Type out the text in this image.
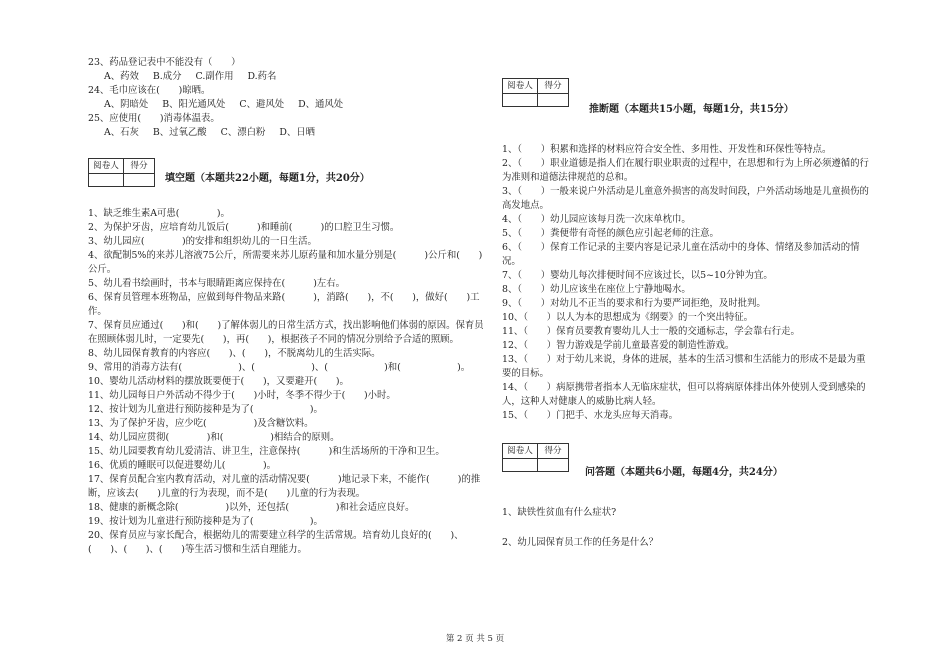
23、药品登记表中不能没有（　　）
A、药效 B.成分 C.副作用 D.药名
24、毛巾应该在(　　)晾晒。
A、阴暗处 B、阳光通风处 C、避风处 D、通风处
25、应使用(　　)消毒体温表。
A、石灰 B、过氧乙酸 C、漂白粉 D、日晒
阅卷人	得分

填空题（本题共22小题，每题1分，共20分）
1、缺乏维生素A可患(　　　　)。
2、为保护牙齿，应培育幼儿饭后(　　　)和睡前(　　　)的口腔卫生习惯。
3、幼儿园应(　　　　)的安排和组织幼儿的一日生活。
4、欲配制5%的来苏儿溶液75公斤，所需要来苏儿原药量和加水量分别是(　　　)公斤和(　　)公斤。
5、幼儿看书绘画时，书本与眼睛距离应保持在(　　　)左右。
6、保育员管理本班物品，应做到每件物品来路(　　　)，消路(　　)，不(　　)，做好(　　)工作。
7、保育员应通过(　　)和(　　)了解体弱儿的日常生活方式，找出影响他们体弱的原因。保育员在照顾体弱儿时，一定要先(　　)，再(　　)，根据孩子不同的情况分别给予合适的照顾。
8、幼儿园保育教育的内容应(　　)、(　　)，不脱离幼儿的生活实际。
9、常用的消毒方法有(　　　　　　)、(　　　　　　)、(　　　　　　)和(　　　　　　)。
10、婴幼儿活动材料的摆放既要便于(　　)，又要避开(　　)。
11、幼儿园每日户外活动不得少于(　　)小时，冬季不得少于(　　)小时。
12、按计划为儿童进行预防接种是为了(　　　　　　)。
13、为了保护牙齿，应少吃(　　　　　)及含糖饮料。
14、幼儿园应贯彻(　　　　)和(　　　　　)相结合的原则。
15、幼儿园要教育幼儿爱清洁、讲卫生，注意保持(　　　)和生活场所的干净和卫生。
16、优质的睡眠可以促进婴幼儿(　　　　)。
17、保育员配合室内教育活动，对儿童的活动情况要(　　　)地记录下来，不能作(　　　)的推断，应该去(　　)儿童的行为表现，而不是(　　)儿童的行为表现。
18、健康的新概念除(　　　　　)以外，还包括(　　　　　)和社会适应良好。
19、按计划为儿童进行预防接种是为了(　　　　　　)。
20、保育员应与家长配合，根据幼儿的需要建立科学的生活常规。培育幼儿良好的(　　)、(　　)、(　　)、(　　)等生活习惯和生活自理能力。
阅卷人	得分

推断题（本题共15小题，每题1分，共15分）
1、（　　）积累和选择的材料应符合安全性、多用性、开发性和环保性等特点。
2、（　　）职业道德是指人们在履行职业职责的过程中，在思想和行为上所必须遵循的行为准则和道德法律规范的总和。
3、（　　）一般来说户外活动是儿童意外损害的高发时间段，户外活动场地是儿童损伤的高发地点。
4、（　　）幼儿园应该每月洗一次床单枕巾。
5、（　　）粪便带有奇怪的颜色应引起老师的注意。
6、（　　）保育工作记录的主要内容是记录儿童在活动中的身体、情绪及参加活动的情况。
7、（　　）婴幼儿每次排便时间不应该过长，以5~10分钟为宜。
8、（　　）幼儿应该坐在座位上宁静地喝水。
9、（　　）对幼儿不正当的要求和行为要严词拒绝，及时批判。
10、（　　）以人为本的思想成为《纲要》的一个突出特征。
11、（　　）保育员要教育婴幼儿人士一般的交通标志，学会靠右行走。
12、（　　）智力游戏是学前儿童最喜爱的制造性游戏。
13、（　　）对于幼儿来说，身体的进展，基本的生活习惯和生活能力的形成不是最为重要的目标。
14、（　　）病原携带者指本人无临床症状，但可以将病原体排出体外使别人受到感染的人，这种人对健康人的威胁比病人轻。
15、（　　）门把手、水龙头应每天消毒。
阅卷人	得分

问答题（本题共6小题，每题4分，共24分）
1、缺铁性贫血有什么症状?
2、幼儿园保育员工作的任务是什么？
第 2 页 共 5 页
